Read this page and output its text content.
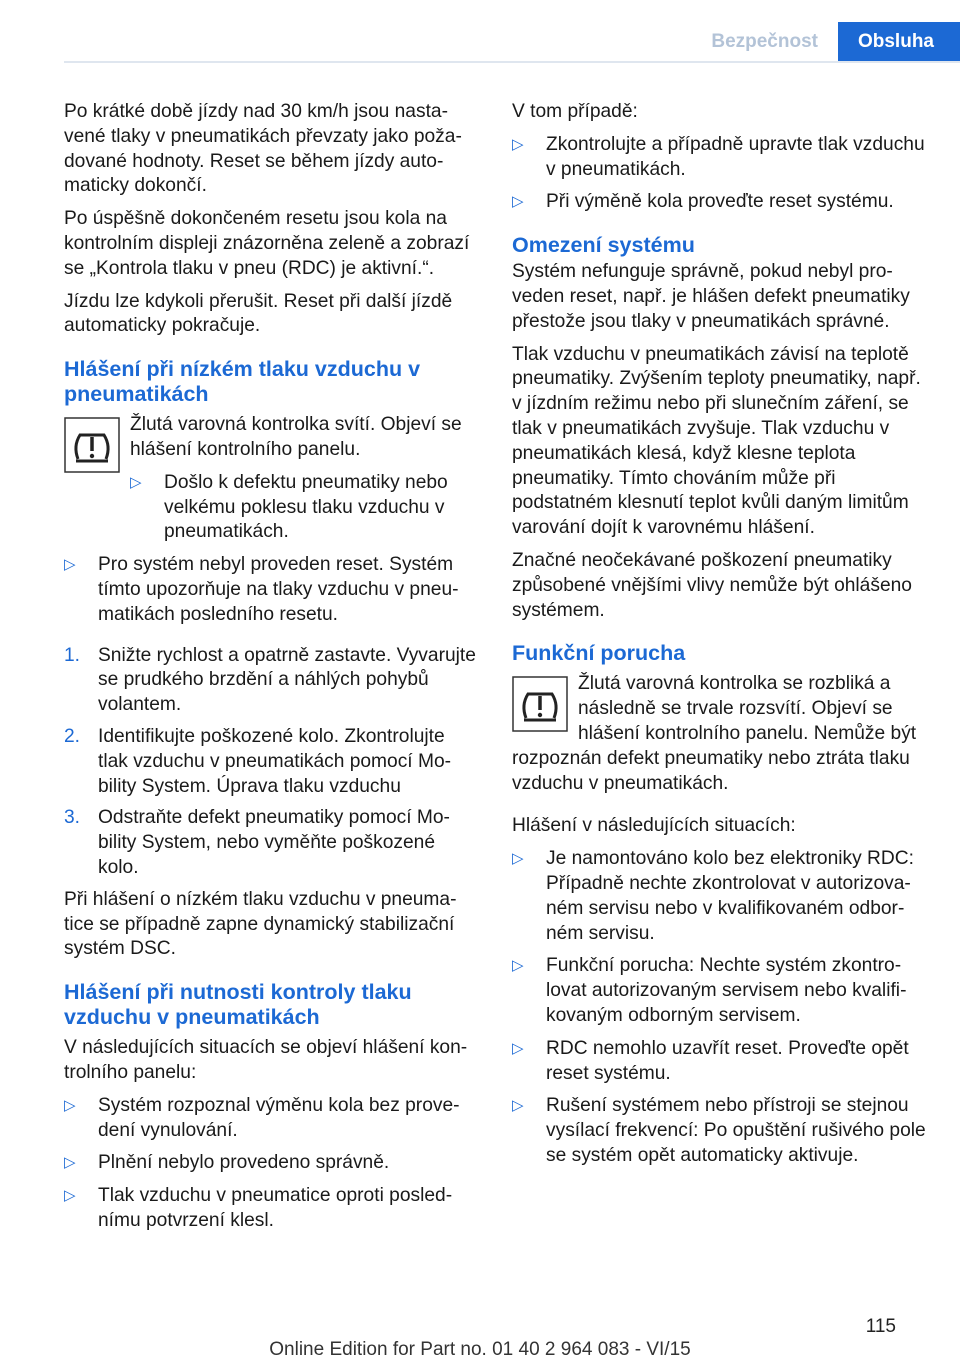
Bezpečnost	Obsluha

Po krátké době jízdy nad 30 km/h jsou nastavené tlaky v pneumatikách převzaty jako požadované hodnoty. Reset se během jízdy automaticky dokončí.

Po úspěšně dokončeném resetu jsou kola na kontrolním displeji znázorněna zeleně a zobrazí se „Kontrola tlaku v pneu (RDC) je aktivní.“.

Jízdu lze kdykoli přerušit. Reset při další jízdě automaticky pokračuje.

Hlášení při nízkém tlaku vzduchu v pneumatikách

Žlutá varovná kontrolka svítí. Objeví se hlášení kontrolního panelu.

▷ Došlo k defektu pneumatiky nebo velkému poklesu tlaku vzduchu v pneumatikách.
▷ Pro systém nebyl proveden reset. Systém tímto upozorňuje na tlaky vzduchu v pneumatikách posledního resetu.
1. Snižte rychlost a opatrně zastavte. Vyvarujte se prudkého brzdění a náhlých pohybů volantem.
2. Identifikujte poškozené kolo. Zkontrolujte tlak vzduchu v pneumatikách pomocí Mobility System. Úprava tlaku vzduchu
3. Odstraňte defekt pneumatiky pomocí Mobility System, nebo vyměňte poškozené kolo.

Při hlášení o nízkém tlaku vzduchu v pneumatice se případně zapne dynamický stabilizační systém DSC.

Hlášení při nutnosti kontroly tlaku vzduchu v pneumatikách

V následujících situacích se objeví hlášení kontrolního panelu:

▷ Systém rozpoznal výměnu kola bez provedení vynulování.
▷ Plnění nebylo provedeno správně.
▷ Tlak vzduchu v pneumatice oproti poslednímu potvrzení klesl.

V tom případě:

▷ Zkontrolujte a případně upravte tlak vzduchu v pneumatikách.
▷ Při výměně kola proveďte reset systému.
Omezení systému

Systém nefunguje správně, pokud nebyl proveden reset, např. je hlášen defekt pneumatiky přestože jsou tlaky v pneumatikách správné.

Tlak vzduchu v pneumatikách závisí na teplotě pneumatiky. Zvýšením teploty pneumatiky, např. v jízdním režimu nebo při slunečním záření, se tlak v pneumatikách zvyšuje. Tlak vzduchu v pneumatikách klesá, když klesne teplota pneumatiky. Tímto chováním může při podstatném klesnutí teplot kvůli daným limitům varování dojít k varovnému hlášení.

Značné neočekávané poškození pneumatiky způsobené vnějšími vlivy nemůže být ohlášeno systémem.

Funkční porucha

Žlutá varovná kontrolka se rozbliká a následně se trvale rozsvítí. Objeví se hlášení kontrolního panelu. Nemůže být rozpoznán defekt pneumatiky nebo ztráta tlaku vzduchu v pneumatikách.

Hlášení v následujících situacích:

▷ Je namontováno kolo bez elektroniky RDC: Případně nechte zkontrolovat v autorizovaném servisu nebo v kvalifikovaném odborném servisu.
▷ Funkční porucha: Nechte systém zkontrolovat autorizovaným servisem nebo kvalifikovaným odborným servisem.
▷ RDC nemohlo uzavřít reset. Proveďte opět reset systému.
▷ Rušení systémem nebo přístroji se stejnou vysílací frekvencí: Po opuštění rušivého pole se systém opět automaticky aktivuje.
115
Online Edition for Part no. 01 40 2 964 083 - VI/15
